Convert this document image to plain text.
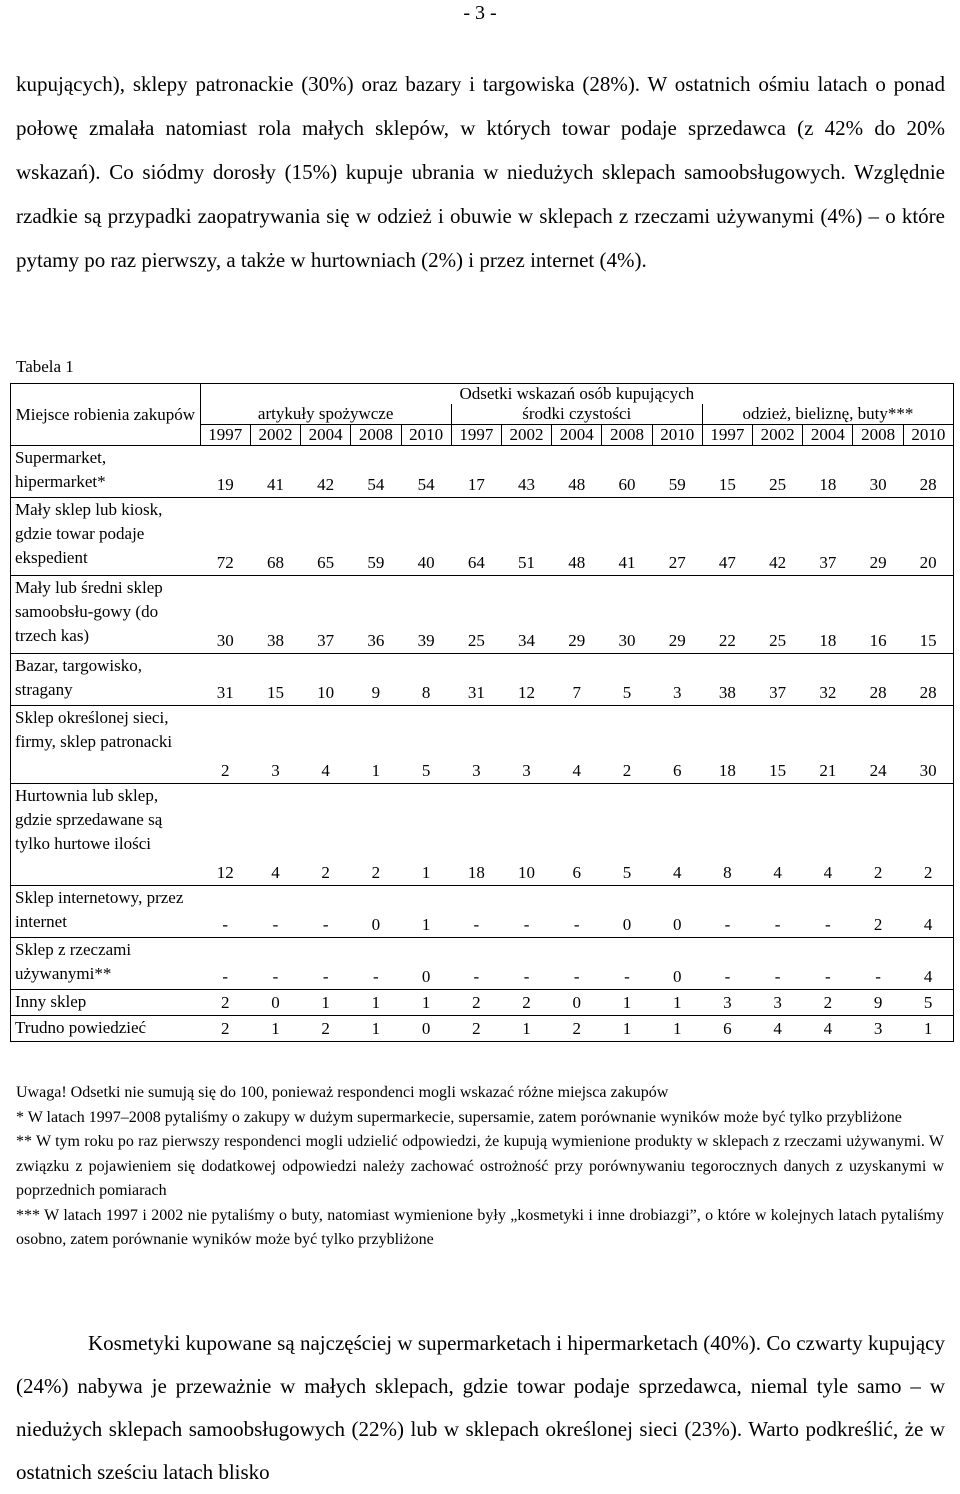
- 3 -

kupujących), sklepy patronackie (30%) oraz bazary i targowiska (28%). W ostatnich ośmiu latach o ponad połowę zmalała natomiast rola małych sklepów, w których towar podaje sprzedawca (z 42% do 20% wskazań). Co siódmy dorosły (15%) kupuje ubrania w niedużych sklepach samoobsługowych. Względnie rzadkie są przypadki zaopatrywania się w odzież i obuwie w sklepach z rzeczami używanymi (4%) – o które pytamy po raz pierwszy, a także w hurtowniach (2%) i przez internet (4%).

Tabela 1
Miejsce robienia zakupów	Odsetki wskazań osób kupujących														
	artykuły spożywcze					środki czystości					odzież, bieliznę, buty***				
	1997	2002	2004	2008	2010	1997	2002	2004	2008	2010	1997	2002	2004	2008	2010
Supermarket, hipermarket*	19	41	42	54	54	17	43	48	60	59	15	25	18	30	28
Mały sklep lub kiosk, gdzie towar podaje ekspedient	72	68	65	59	40	64	51	48	41	27	47	42	37	29	20
Mały lub średni sklep samoobsłu-gowy (do trzech kas)	30	38	37	36	39	25	34	29	30	29	22	25	18	16	15
Bazar, targowisko, stragany	31	15	10	9	8	31	12	7	5	3	38	37	32	28	28
Sklep określonej sieci, firmy, sklep patronacki	2	3	4	1	5	3	3	4	2	6	18	15	21	24	30
Hurtownia lub sklep, gdzie sprzedawane są tylko hurtowe ilości	12	4	2	2	1	18	10	6	5	4	8	4	4	2	2
Sklep internetowy, przez internet	-	-	-	0	1	-	-	-	0	0	-	-	-	2	4
Sklep z rzeczami używanymi**	-	-	-	-	0	-	-	-	-	0	-	-	-	-	4
Inny sklep	2	0	1	1	1	2	2	0	1	1	3	3	2	9	5
Trudno powiedzieć	2	1	2	1	0	2	1	2	1	1	6	4	4	3	1

Uwaga! Odsetki nie sumują się do 100, ponieważ respondenci mogli wskazać różne miejsca zakupów

* W latach 1997–2008 pytaliśmy o zakupy w dużym supermarkecie, supersamie, zatem porównanie wyników może być tylko przybliżone

** W tym roku po raz pierwszy respondenci mogli udzielić odpowiedzi, że kupują wymienione produkty w sklepach z rzeczami używanymi. W związku z pojawieniem się dodatkowej odpowiedzi należy zachować ostrożność przy porównywaniu tegorocznych danych z uzyskanymi w poprzednich pomiarach

*** W latach 1997 i 2002 nie pytaliśmy o buty, natomiast wymienione były „kosmetyki i inne drobiazgi”, o które w kolejnych latach pytaliśmy osobno, zatem porównanie wyników może być tylko przybliżone

Kosmetyki kupowane są najczęściej w supermarketach i hipermarketach (40%). Co czwarty kupujący (24%) nabywa je przeważnie w małych sklepach, gdzie towar podaje sprzedawca, niemal tyle samo – w niedużych sklepach samoobsługowych (22%) lub w sklepach określonej sieci (23%). Warto podkreślić, że w ostatnich sześciu latach blisko
